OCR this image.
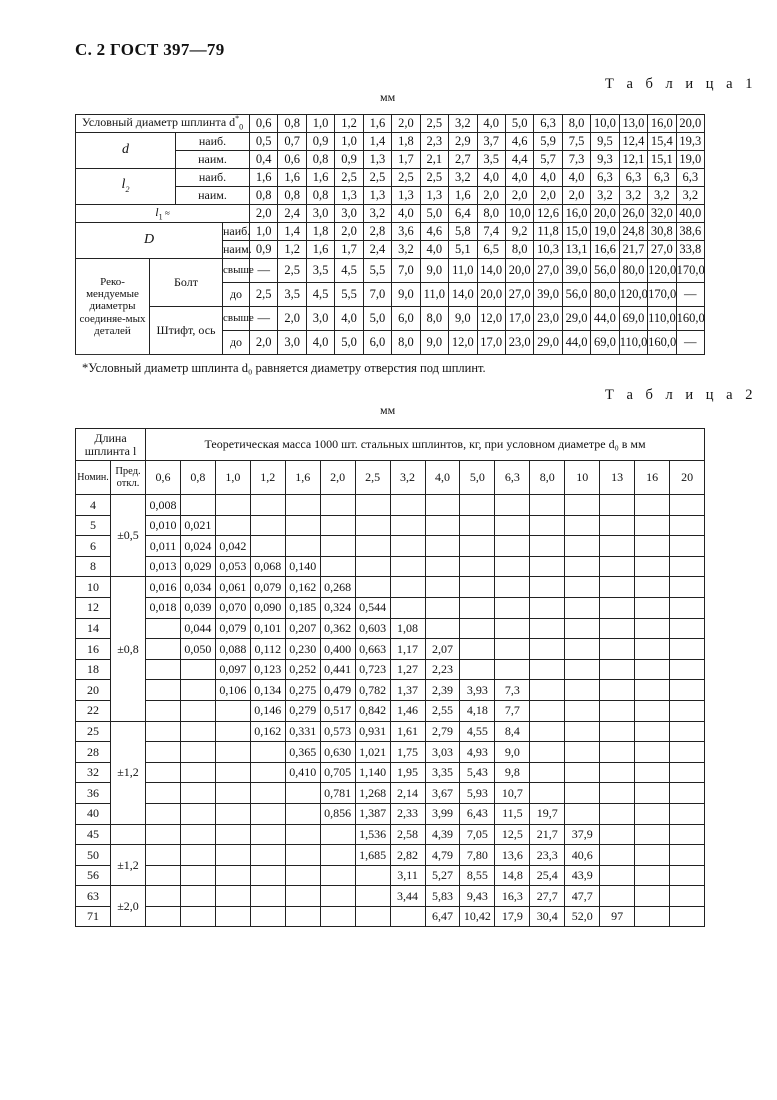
С. 2 ГОСТ 397—79
Т а б л и ц а 1
мм
Условный диаметр шплинта $d^*_0$				0,6	0,8	1,0	1,2	1,6	2,0	2,5	3,2	4,0	5,0	6,3	8,0	10,0	13,0	16,0	20,0
d		наиб.		0,5	0,7	0,9	1,0	1,4	1,8	2,3	2,9	3,7	4,6	5,9	7,5	9,5	12,4	15,4	19,3
		наим.		0,4	0,6	0,8	0,9	1,3	1,7	2,1	2,7	3,5	4,4	5,7	7,3	9,3	12,1	15,1	19,0
$l_2$		наиб.		1,6	1,6	1,6	2,5	2,5	2,5	2,5	3,2	4,0	4,0	4,0	4,0	6,3	6,3	6,3	6,3
		наим.		0,8	0,8	0,8	1,3	1,3	1,3	1,3	1,6	2,0	2,0	2,0	2,0	3,2	3,2	3,2	3,2
$l_1$ ≈				2,0	2,4	3,0	3,0	3,2	4,0	5,0	6,4	8,0	10,0	12,6	16,0	20,0	26,0	32,0	40,0
D			наиб.	1,0	1,4	1,8	2,0	2,8	3,6	4,6	5,8	7,4	9,2	11,8	15,0	19,0	24,8	30,8	38,6
			наим.	0,9	1,2	1,6	1,7	2,4	3,2	4,0	5,1	6,5	8,0	10,3	13,1	16,6	21,7	27,0	33,8
Реко-мендуемые диаметры соединяе-мых деталей	Болт		свыше	—	2,5	3,5	4,5	5,5	7,0	9,0	11,0	14,0	20,0	27,0	39,0	56,0	80,0	120,0	170,0
			до	2,5	3,5	4,5	5,5	7,0	9,0	11,0	14,0	20,0	27,0	39,0	56,0	80,0	120,0	170,0	—
	Штифт, ось		свыше	—	2,0	3,0	4,0	5,0	6,0	8,0	9,0	12,0	17,0	23,0	29,0	44,0	69,0	110,0	160,0
			до	2,0	3,0	4,0	5,0	6,0	8,0	9,0	12,0	17,0	23,0	29,0	44,0	69,0	110,0	160,0	—
*Условный диаметр шплинта d₀ равняется диаметру отверстия под шплинт.
Т а б л и ц а 2
мм
Длина шплинта l		Теоретическая масса 1000 шт. стальных шплинтов, кг, при условном диаметре d₀ в мм															
Номин.	Пред. откл.	0,6	0,8	1,0	1,2	1,6	2,0	2,5	3,2	4,0	5,0	6,3	8,0	10	13	16	20
4	±0,5	0,008															
5		0,010	0,021														
6		0,011	0,024	0,042													
8		0,013	0,029	0,053	0,068	0,140											
10	±0,8	0,016	0,034	0,061	0,079	0,162	0,268										
12		0,018	0,039	0,070	0,090	0,185	0,324	0,544									
14			0,044	0,079	0,101	0,207	0,362	0,603	1,08								
16			0,050	0,088	0,112	0,230	0,400	0,663	1,17	2,07							
18				0,097	0,123	0,252	0,441	0,723	1,27	2,23							
20				0,106	0,134	0,275	0,479	0,782	1,37	2,39	3,93	7,3					
22					0,146	0,279	0,517	0,842	1,46	2,55	4,18	7,7					
25	±1,2				0,162	0,331	0,573	0,931	1,61	2,79	4,55	8,4					
28						0,365	0,630	1,021	1,75	3,03	4,93	9,0					
32						0,410	0,705	1,140	1,95	3,35	5,43	9,8					
36							0,781	1,268	2,14	3,67	5,93	10,7					
40							0,856	1,387	2,33	3,99	6,43	11,5	19,7				
45								1,536	2,58	4,39	7,05	12,5	21,7	37,9			
50	±1,2							1,685	2,82	4,79	7,80	13,6	23,3	40,6			
56									3,11	5,27	8,55	14,8	25,4	43,9			
63	±2,0								3,44	5,83	9,43	16,3	27,7	47,7			
71										6,47	10,42	17,9	30,4	52,0	97		
